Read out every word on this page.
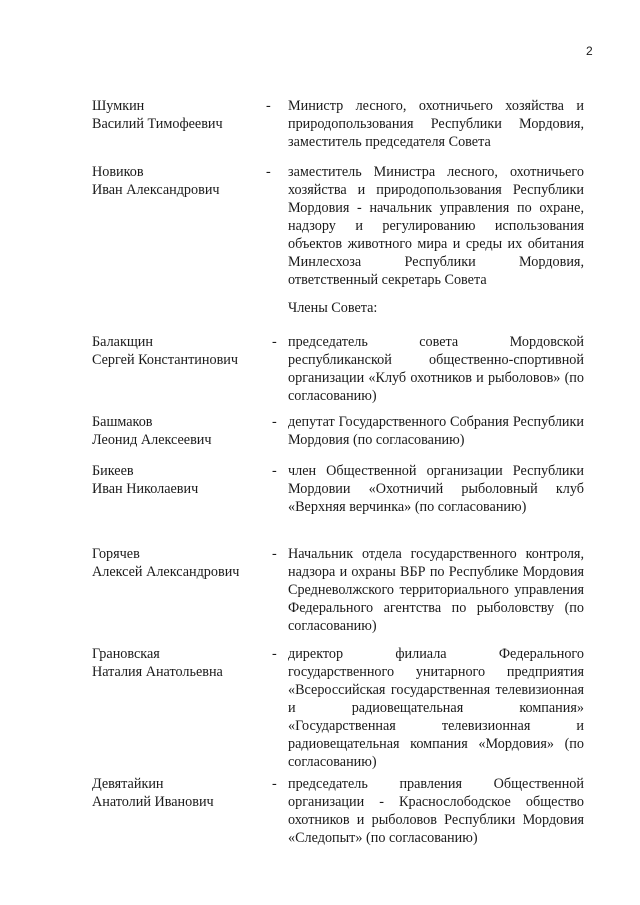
2
Шумкин
Василий Тимофеевич
- Министр лесного, охотничьего хозяйства и природопользования Республики Мордовия, заместитель председателя Совета
Новиков
Иван Александрович
- заместитель Министра лесного, охотничьего хозяйства и природопользования Республики Мордовия - начальник управления по охране, надзору и регулированию использования объектов животного мира и среды их обитания Минлесхоза Республики Мордовия, ответственный секретарь Совета
Члены Совета:
Балакщин
Сергей Константинович
- председатель совета Мордовской республиканской общественно-спортивной организации «Клуб охотников и рыболовов» (по согласованию)
Башмаков
Леонид Алексеевич
- депутат Государственного Собрания Республики Мордовия (по согласованию)
Бикеев
Иван Николаевич
- член Общественной организации Республики Мордовии «Охотничий рыболовный клуб «Верхняя верчинка» (по согласованию)
Горячев
Алексей Александрович
- Начальник отдела государственного контроля, надзора и охраны ВБР по Республике Мордовия Средневолжского территориального управления Федерального агентства по рыболовству (по согласованию)
Грановская
Наталия Анатольевна
- директор филиала Федерального государственного унитарного предприятия «Всероссийская государственная телевизионная и радиовещательная компания» «Государственная телевизионная и радиовещательная компания «Мордовия» (по согласованию)
Девятайкин
Анатолий Иванович
- председатель правления Общественной организации - Краснослободское общество охотников и рыболовов Республики Мордовия «Следопыт» (по согласованию)
